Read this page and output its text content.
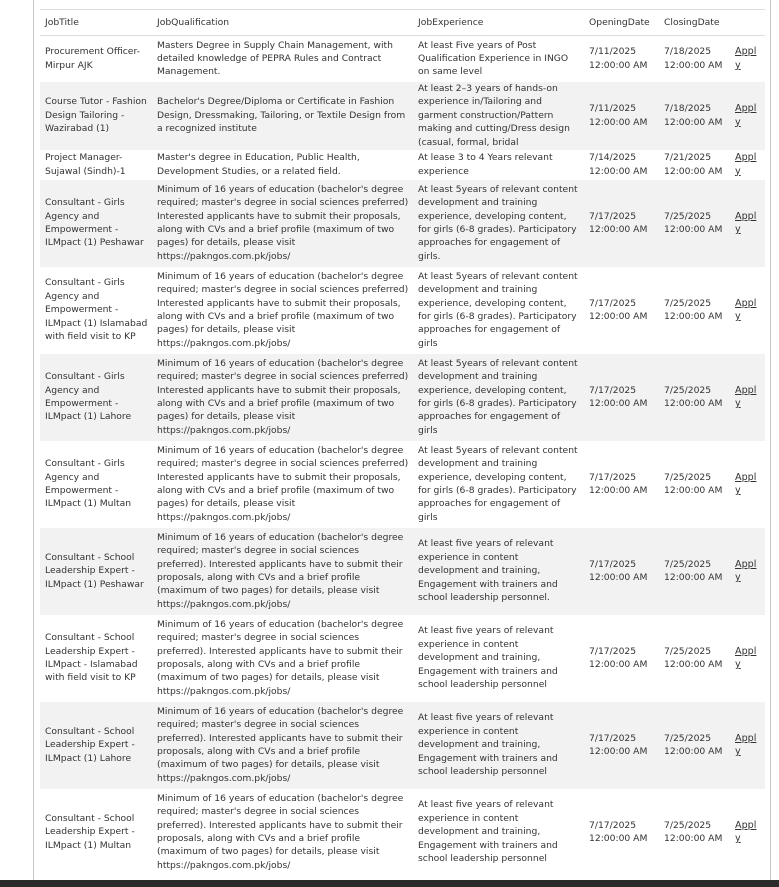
JobTitle	JobQualification	JobExperience	OpeningDate	ClosingDate	
Procurement Officer-Mirpur AJK	Masters Degree in Supply Chain Management, with detailed knowledge of PEPRA Rules and Contract Management.	At least Five years of Post Qualification Experience in INGO on same level	7/11/2025 12:00:00 AM	7/18/2025 12:00:00 AM	Apply
Course Tutor - Fashion Design Tailoring - Wazirabad (1)	Bachelor's Degree/Diploma or Certificate in Fashion Design, Dressmaking, Tailoring, or Textile Design from a recognized institute	At least 2–3 years of hands-on experience in/Tailoring and garment construction/Pattern making and cutting/Dress design (casual, formal, bridal	7/11/2025 12:00:00 AM	7/18/2025 12:00:00 AM	Apply
Project Manager-Sujawal (Sindh)-1	Master's degree in Education, Public Health, Development Studies, or a related field.	At lease 3 to 4 Years relevant experience	7/14/2025 12:00:00 AM	7/21/2025 12:00:00 AM	Apply
Consultant - Girls Agency and Empowerment - ILMpact (1) Peshawar	Minimum of 16 years of education (bachelor's degree required; master's degree in social sciences preferred) Interested applicants have to submit their proposals, along with CVs and a brief profile (maximum of two pages) for details, please visit https://pakngos.com.pk/jobs/	At least 5years of relevant content development and training experience, developing content, for girls (6-8 grades). Participatory approaches for engagement of girls.	7/17/2025 12:00:00 AM	7/25/2025 12:00:00 AM	Apply
Consultant - Girls Agency and Empowerment - ILMpact (1) Islamabad with field visit to KP	Minimum of 16 years of education (bachelor's degree required; master's degree in social sciences preferred) Interested applicants have to submit their proposals, along with CVs and a brief profile (maximum of two pages) for details, please visit https://pakngos.com.pk/jobs/	At least 5years of relevant content development and training experience, developing content, for girls (6-8 grades). Participatory approaches for engagement of girls	7/17/2025 12:00:00 AM	7/25/2025 12:00:00 AM	Apply
Consultant - Girls Agency and Empowerment - ILMpact (1) Lahore	Minimum of 16 years of education (bachelor's degree required; master's degree in social sciences preferred) Interested applicants have to submit their proposals, along with CVs and a brief profile (maximum of two pages) for details, please visit https://pakngos.com.pk/jobs/	At least 5years of relevant content development and training experience, developing content, for girls (6-8 grades). Participatory approaches for engagement of girls	7/17/2025 12:00:00 AM	7/25/2025 12:00:00 AM	Apply
Consultant - Girls Agency and Empowerment - ILMpact (1) Multan	Minimum of 16 years of education (bachelor's degree required; master's degree in social sciences preferred) Interested applicants have to submit their proposals, along with CVs and a brief profile (maximum of two pages) for details, please visit https://pakngos.com.pk/jobs/	At least 5years of relevant content development and training experience, developing content, for girls (6-8 grades). Participatory approaches for engagement of girls	7/17/2025 12:00:00 AM	7/25/2025 12:00:00 AM	Apply
Consultant - School Leadership Expert - ILMpact (1) Peshawar	Minimum of 16 years of education (bachelor's degree required; master's degree in social sciences preferred). Interested applicants have to submit their proposals, along with CVs and a brief profile (maximum of two pages) for details, please visit https://pakngos.com.pk/jobs/	At least five years of relevant experience in content development and training, Engagement with trainers and school leadership personnel.	7/17/2025 12:00:00 AM	7/25/2025 12:00:00 AM	Apply
Consultant - School Leadership Expert - ILMpact - Islamabad with field visit to KP	Minimum of 16 years of education (bachelor's degree required; master's degree in social sciences preferred). Interested applicants have to submit their proposals, along with CVs and a brief profile (maximum of two pages) for details, please visit https://pakngos.com.pk/jobs/	At least five years of relevant experience in content development and training, Engagement with trainers and school leadership personnel	7/17/2025 12:00:00 AM	7/25/2025 12:00:00 AM	Apply
Consultant - School Leadership Expert - ILMpact (1) Lahore	Minimum of 16 years of education (bachelor's degree required; master's degree in social sciences preferred). Interested applicants have to submit their proposals, along with CVs and a brief profile (maximum of two pages) for details, please visit https://pakngos.com.pk/jobs/	At least five years of relevant experience in content development and training, Engagement with trainers and school leadership personnel	7/17/2025 12:00:00 AM	7/25/2025 12:00:00 AM	Apply
Consultant - School Leadership Expert - ILMpact (1) Multan	Minimum of 16 years of education (bachelor's degree required; master's degree in social sciences preferred). Interested applicants have to submit their proposals, along with CVs and a brief profile (maximum of two pages) for details, please visit https://pakngos.com.pk/jobs/	At least five years of relevant experience in content development and training, Engagement with trainers and school leadership personnel	7/17/2025 12:00:00 AM	7/25/2025 12:00:00 AM	Apply
